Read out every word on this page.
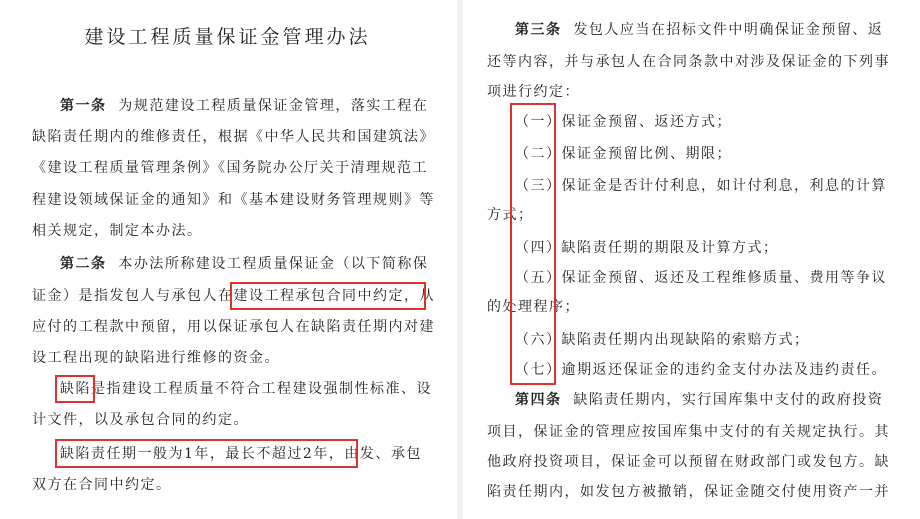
建设工程质量保证金管理办法
第一条 为规范建设工程质量保证金管理，落实工程在
缺陷责任期内的维修责任，根据《中华人民共和国建筑法》
《建设工程质量管理条例》《国务院办公厅关于清理规范工
程建设领域保证金的通知》和《基本建设财务管理规则》等
相关规定，制定本办法。
第二条 本办法所称建设工程质量保证金（以下简称保
证金）是指发包人与承包人在建设工程承包合同中约定，从
应付的工程款中预留，用以保证承包人在缺陷责任期内对建
设工程出现的缺陷进行维修的资金。
缺陷是指建设工程质量不符合工程建设强制性标准、设
计文件，以及承包合同的约定。
缺陷责任期一般为1年，最长不超过2年，由发、承包
双方在合同中约定。
第三条 发包人应当在招标文件中明确保证金预留、返
还等内容，并与承包人在合同条款中对涉及保证金的下列事
项进行约定：
（一）保证金预留、返还方式；
（二）保证金预留比例、期限；
（三）保证金是否计付利息，如计付利息，利息的计算
方式；
（四）缺陷责任期的期限及计算方式；
（五）保证金预留、返还及工程维修质量、费用等争议
的处理程序；
（六）缺陷责任期内出现缺陷的索赔方式；
（七）逾期返还保证金的违约金支付办法及违约责任。
第四条 缺陷责任期内，实行国库集中支付的政府投资
项目，保证金的管理应按国库集中支付的有关规定执行。其
他政府投资项目，保证金可以预留在财政部门或发包方。缺
陷责任期内，如发包方被撤销，保证金随交付使用资产一并
